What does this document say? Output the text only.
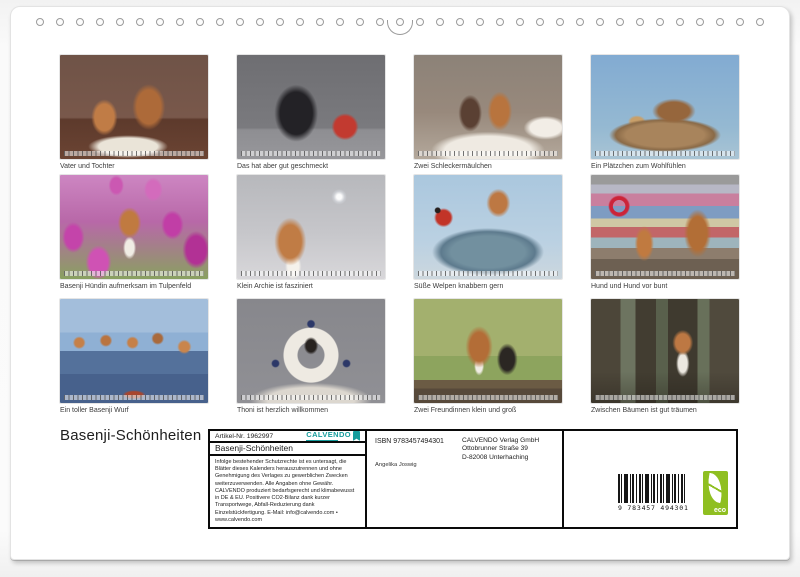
Vater und Tochter	Das hat aber gut geschmeckt	Zwei Schleckermäulchen	Ein Plätzchen zum Wohlfühlen
Basenji Hündin aufmerksam im Tulpenfeld	Klein Archie ist fasziniert	Süße Welpen knabbern gern	Hund und Hund vor bunt
Ein toller Basenji Wurf	Thoni ist herzlich willkommen	Zwei Freundinnen klein und groß	Zwischen Bäumen ist gut träumen
Basenji-Schönheiten Artikel-Nr. 1962997	CALVENDO
Basenji-Schönheiten
Infolge bestehender Schutzrechte ist es untersagt, die Blätter dieses Kalenders herauszutrennen und ohne Genehmigung des Verlages zu gewerblichen Zwecken weiterzuverwenden. Alle Angaben ohne Gewähr. CALVENDO produziert bedarfsgerecht und klimabewusst in DE & EU. Positivere CO2-Bilanz dank kurzer Transportwege, Abfall-Reduzierung dank Einzelstückfertigung. E-Mail: info@calvendo.com • www.calvendo.com
ISBN 9783457494301	CALVENDO Verlag GmbH
Ottobrunner Straße 39
D-82008 Unterhaching
Angelika Joswig
9 783457 494301	eco
